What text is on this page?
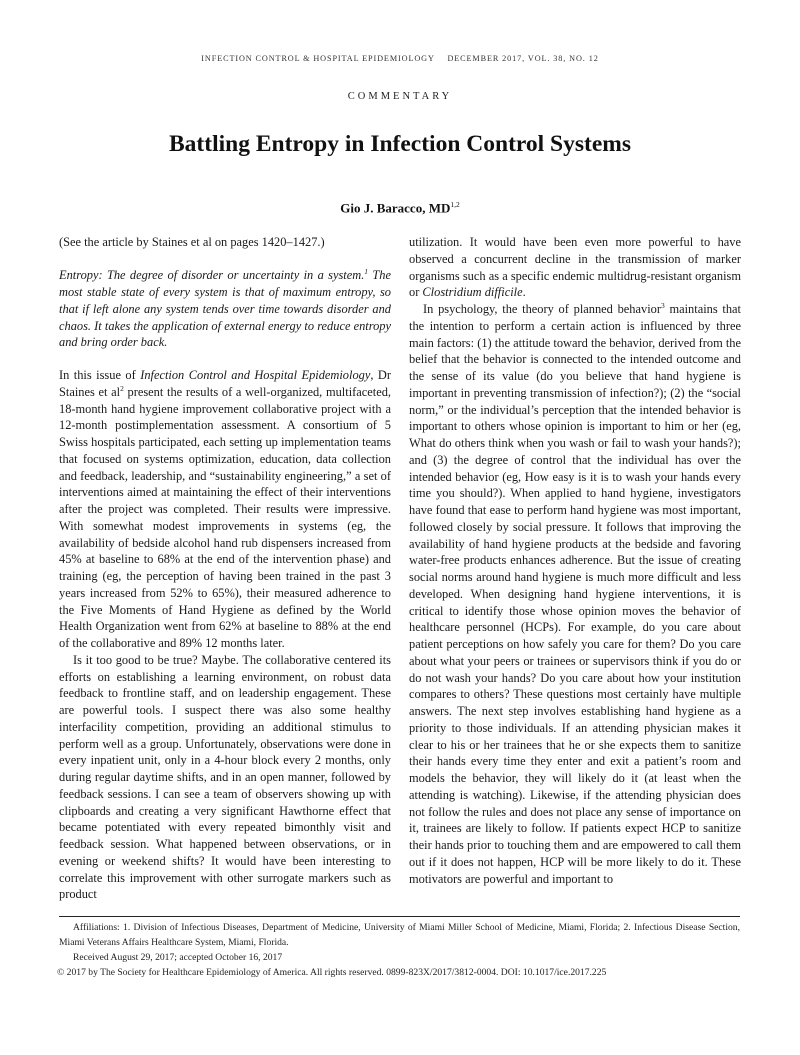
INFECTION CONTROL & HOSPITAL EPIDEMIOLOGY DECEMBER 2017, VOL. 38, NO. 12
COMMENTARY
Battling Entropy in Infection Control Systems
Gio J. Baracco, MD$^{1,2}$

(See the article by Staines et al on pages 1420–1427.)

Entropy: The degree of disorder or uncertainty in a system.$^1$ The most stable state of every system is that of maximum entropy, so that if left alone any system tends over time towards disorder and chaos. It takes the application of external energy to reduce entropy and bring order back.

In this issue of Infection Control and Hospital Epidemiology, Dr Staines et $al^2$ present the results of a well-organized, multifaceted, 18-month hand hygiene improvement collaborative project with a 12-month postimplementation assessment. A consortium of 5 Swiss hospitals participated, each setting up implementation teams that focused on systems optimization, education, data collection and feedback, leadership, and “sustainability engineering,” a set of interventions aimed at maintaining the effect of their interventions after the project was completed. Their results were impressive. With somewhat modest improvements in systems (eg, the availability of bedside alcohol hand rub dispensers increased from 45% at baseline to 68% at the end of the intervention phase) and training (eg, the perception of having been trained in the past 3 years increased from 52% to 65%), their measured adherence to the Five Moments of Hand Hygiene as defined by the World Health Organization went from 62% at baseline to 88% at the end of the collaborative and 89% 12 months later.

Is it too good to be true? Maybe. The collaborative centered its efforts on establishing a learning environment, on robust data feedback to frontline staff, and on leadership engagement. These are powerful tools. I suspect there was also some healthy interfacility competition, providing an additional stimulus to perform well as a group. Unfortunately, observations were done in every inpatient unit, only in a 4-hour block every 2 months, only during regular daytime shifts, and in an open manner, followed by feedback sessions. I can see a team of observers showing up with clipboards and creating a very significant Hawthorne effect that became potentiated with every repeated bimonthly visit and feedback session. What happened between observations, or in evening or weekend shifts? It would have been interesting to correlate this improvement with other surrogate markers such as product

utilization. It would have been even more powerful to have observed a concurrent decline in the transmission of marker organisms such as a specific endemic multidrug-resistant organism or Clostridium difficile.

In psychology, the theory of planned behavior$^3$ maintains that the intention to perform a certain action is influenced by three main factors: (1) the attitude toward the behavior, derived from the belief that the behavior is connected to the intended outcome and the sense of its value (do you believe that hand hygiene is important in preventing transmission of infection?); (2) the “social norm,” or the individual’s perception that the intended behavior is important to others whose opinion is important to him or her (eg, What do others think when you wash or fail to wash your hands?); and (3) the degree of control that the individual has over the intended behavior (eg, How easy is it is to wash your hands every time you should?). When applied to hand hygiene, investigators have found that ease to perform hand hygiene was most important, followed closely by social pressure. It follows that improving the availability of hand hygiene products at the bedside and favoring water-free products enhances adherence. But the issue of creating social norms around hand hygiene is much more difficult and less developed. When designing hand hygiene interventions, it is critical to identify those whose opinion moves the behavior of healthcare personnel (HCPs). For example, do you care about patient perceptions on how safely you care for them? Do you care about what your peers or trainees or supervisors think if you do or do not wash your hands? Do you care about how your institution compares to others? These questions most certainly have multiple answers. The next step involves establishing hand hygiene as a priority to those individuals. If an attending physician makes it clear to his or her trainees that he or she expects them to sanitize their hands every time they enter and exit a patient’s room and models the behavior, they will likely do it (at least when the attending is watching). Likewise, if the attending physician does not follow the rules and does not place any sense of importance on it, trainees are likely to follow. If patients expect HCP to sanitize their hands prior to touching them and are empowered to call them out if it does not happen, HCP will be more likely to do it. These motivators are powerful and important to

Affiliations: 1. Division of Infectious Diseases, Department of Medicine, University of Miami Miller School of Medicine, Miami, Florida; 2. Infectious Disease Section, Miami Veterans Affairs Healthcare System, Miami, Florida.

Received August 29, 2017; accepted October 16, 2017

© 2017 by The Society for Healthcare Epidemiology of America. All rights reserved. 0899-823X/2017/3812-0004. DOI: 10.1017/ice.2017.225
